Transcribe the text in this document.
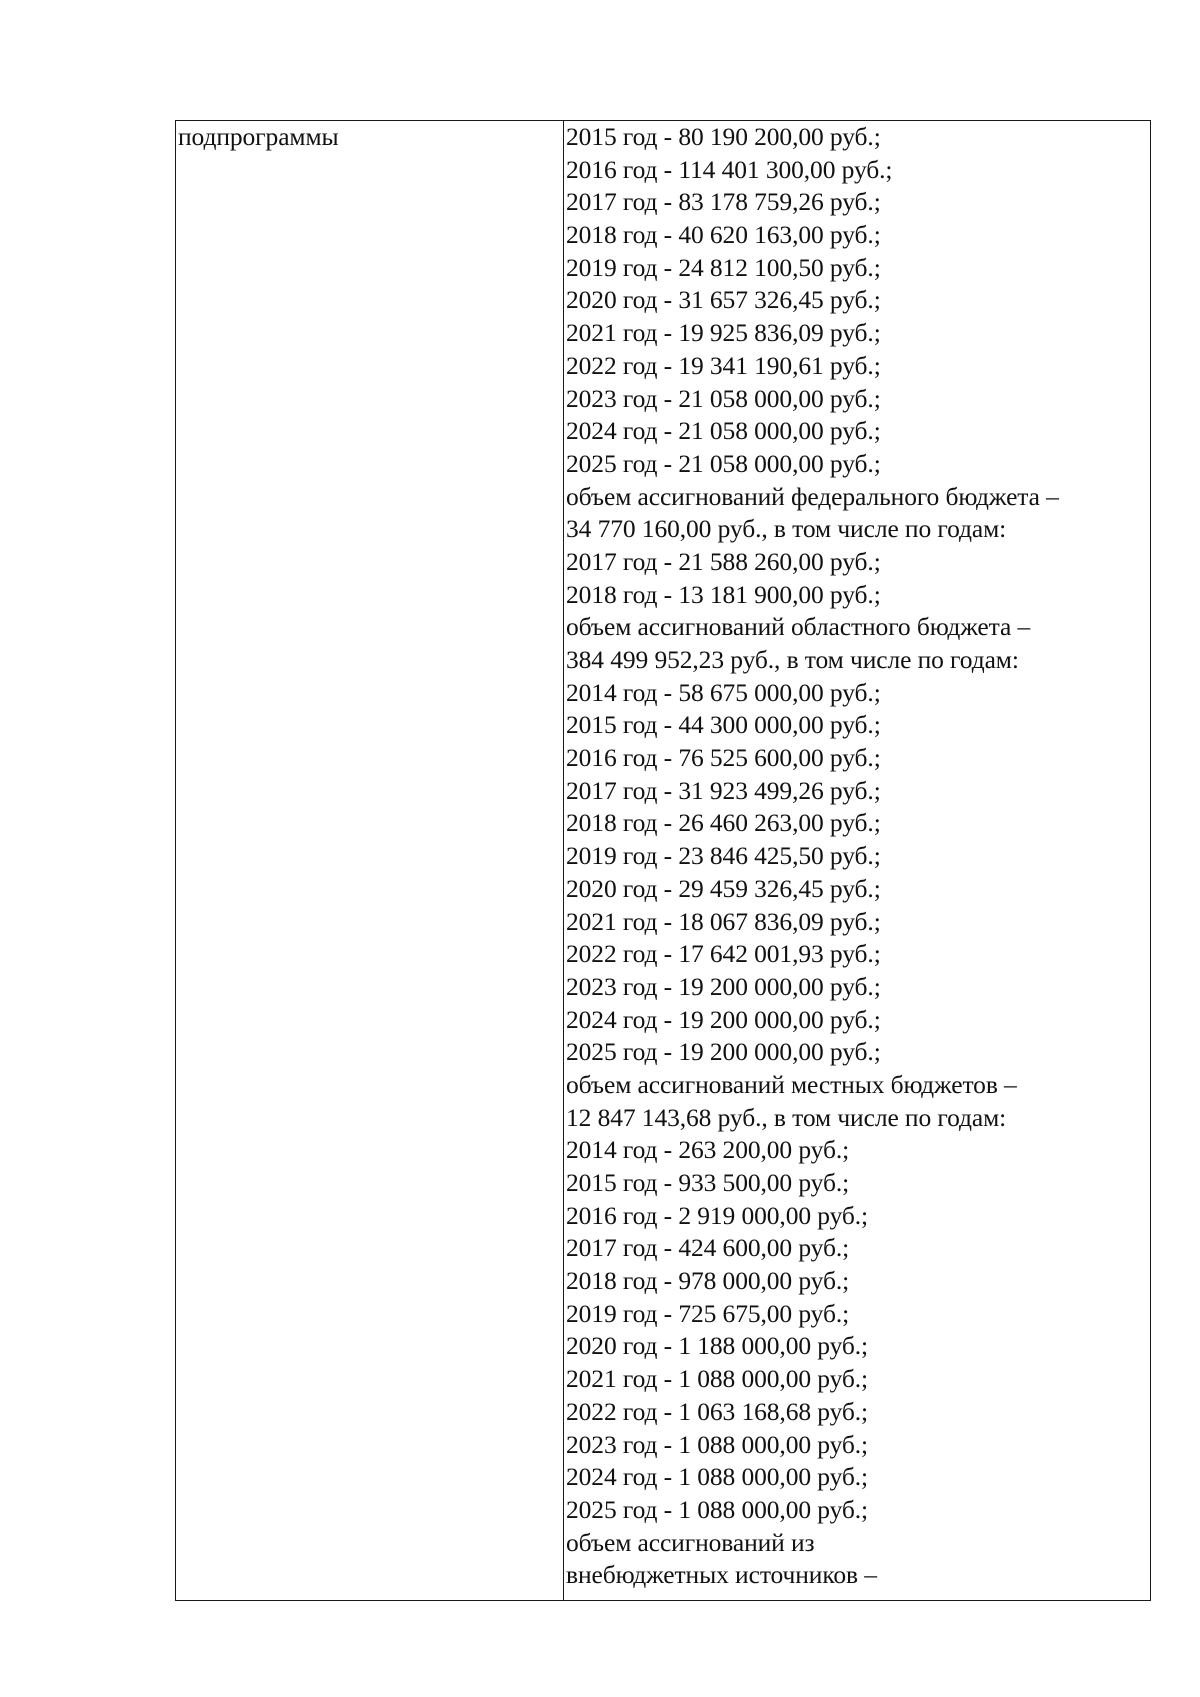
подпрограммы	2015 год - 80 190 200,00 руб.;
2016 год - 114 401 300,00 руб.;
2017 год - 83 178 759,26 руб.;
2018 год - 40 620 163,00 руб.;
2019 год - 24 812 100,50 руб.;
2020 год - 31 657 326,45 руб.;
2021 год - 19 925 836,09 руб.;
2022 год - 19 341 190,61 руб.;
2023 год - 21 058 000,00 руб.;
2024 год - 21 058 000,00 руб.;
2025 год - 21 058 000,00 руб.;
объем ассигнований федерального бюджета –
34 770 160,00 руб., в том числе по годам:
2017 год - 21 588 260,00 руб.;
2018 год - 13 181 900,00 руб.;
объем ассигнований областного бюджета –
384 499 952,23 руб., в том числе по годам:
2014 год - 58 675 000,00 руб.;
2015 год - 44 300 000,00 руб.;
2016 год - 76 525 600,00 руб.;
2017 год - 31 923 499,26 руб.;
2018 год - 26 460 263,00 руб.;
2019 год - 23 846 425,50 руб.;
2020 год - 29 459 326,45 руб.;
2021 год - 18 067 836,09 руб.;
2022 год - 17 642 001,93 руб.;
2023 год - 19 200 000,00 руб.;
2024 год - 19 200 000,00 руб.;
2025 год - 19 200 000,00 руб.;
объем ассигнований местных бюджетов –
12 847 143,68 руб., в том числе по годам:
2014 год - 263 200,00 руб.;
2015 год - 933 500,00 руб.;
2016 год - 2 919 000,00 руб.;
2017 год - 424 600,00 руб.;
2018 год - 978 000,00 руб.;
2019 год - 725 675,00 руб.;
2020 год - 1 188 000,00 руб.;
2021 год - 1 088 000,00 руб.;
2022 год - 1 063 168,68 руб.;
2023 год - 1 088 000,00 руб.;
2024 год - 1 088 000,00 руб.;
2025 год - 1 088 000,00 руб.;
объем ассигнований из
внебюджетных источников –
